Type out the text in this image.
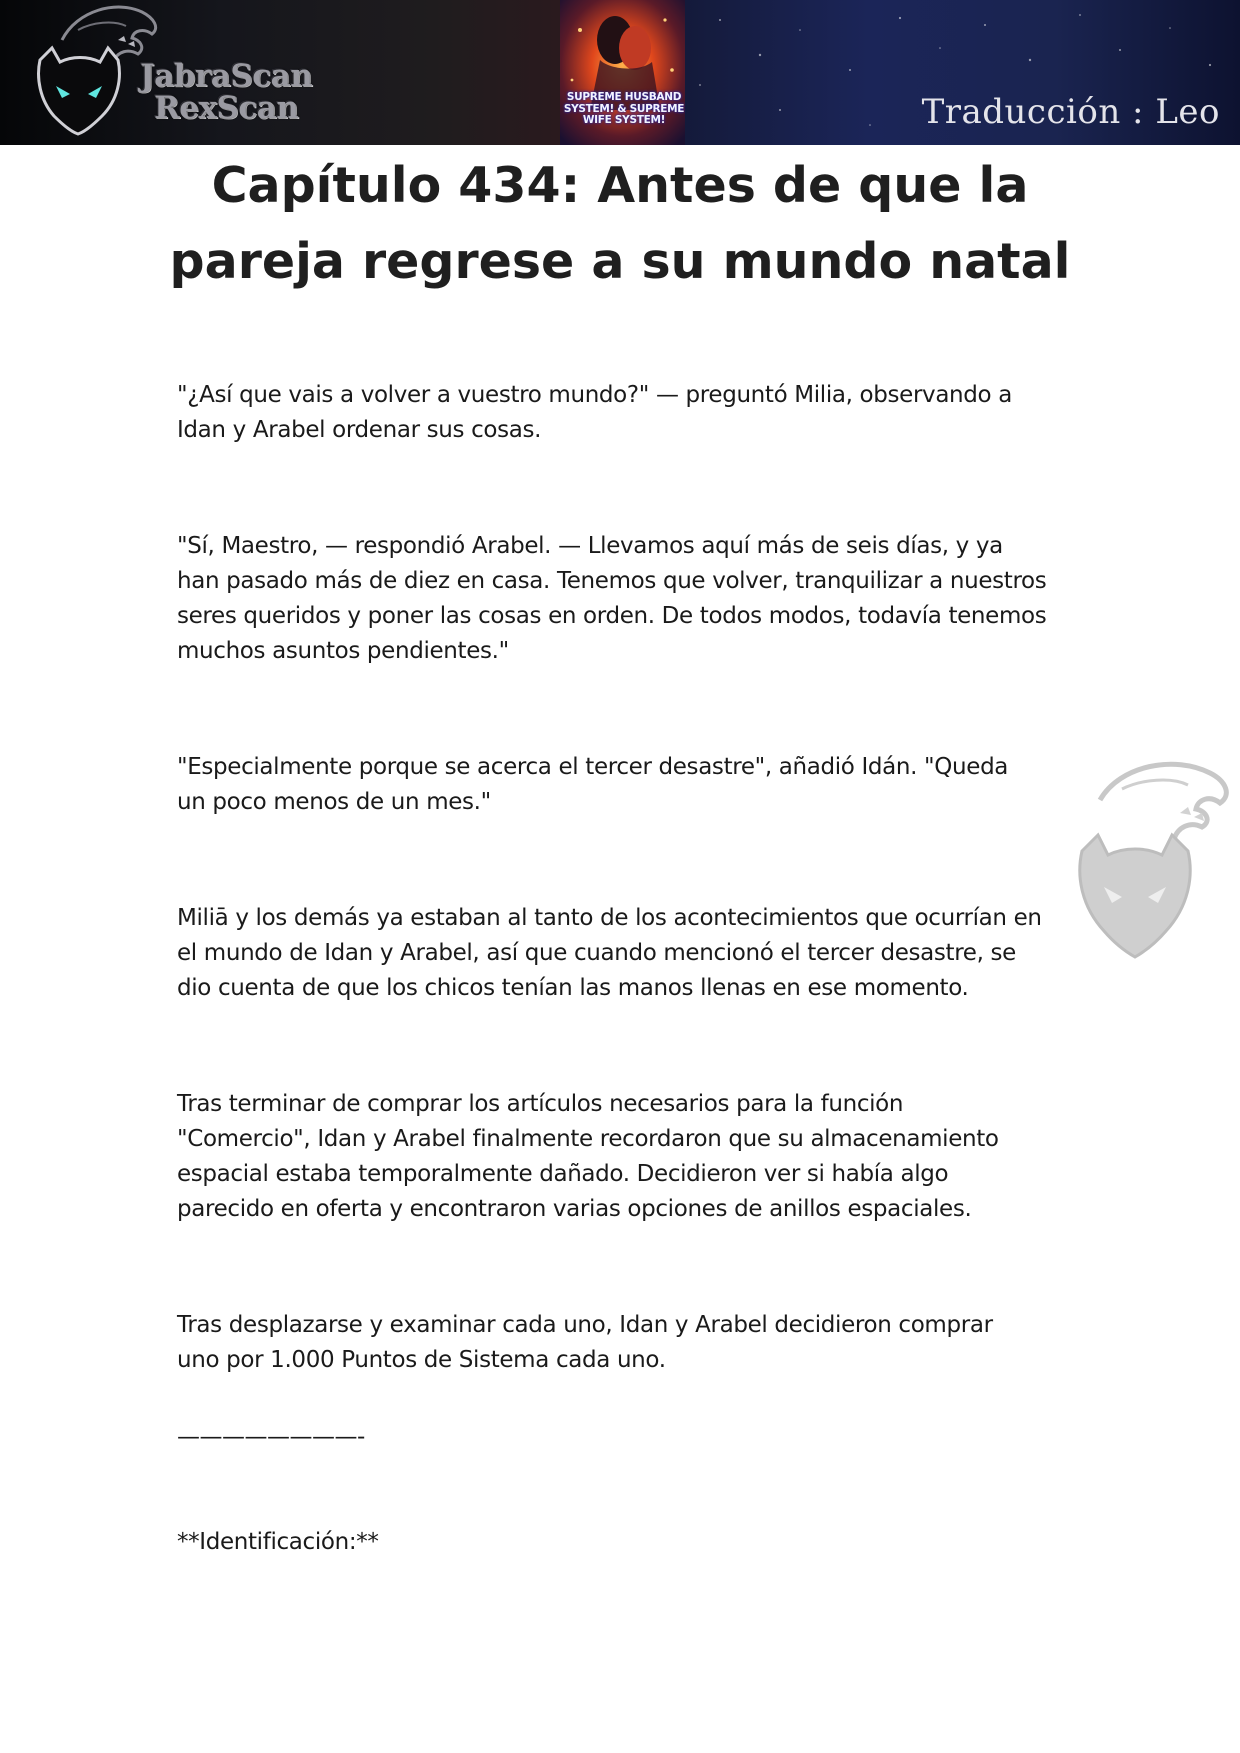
JabraScan
RexScan	SUPREME HUSBAND SYSTEM! & SUPREME WIFE SYSTEM!	Traducción : Leo
Capítulo 434: Antes de que la
pareja regrese a su mundo natal

"¿Así que vais a volver a vuestro mundo?" — preguntó Milia, observando a
Idan y Arabel ordenar sus cosas.

"Sí, Maestro, — respondió Arabel. — Llevamos aquí más de seis días, y ya
han pasado más de diez en casa. Tenemos que volver, tranquilizar a nuestros
seres queridos y poner las cosas en orden. De todos modos, todavía tenemos
muchos asuntos pendientes."

"Especialmente porque se acerca el tercer desastre", añadió Idán. "Queda
un poco menos de un mes."

Miliā y los demás ya estaban al tanto de los acontecimientos que ocurrían en
el mundo de Idan y Arabel, así que cuando mencionó el tercer desastre, se
dio cuenta de que los chicos tenían las manos llenas en ese momento.

Tras terminar de comprar los artículos necesarios para la función
"Comercio", Idan y Arabel finalmente recordaron que su almacenamiento
espacial estaba temporalmente dañado. Decidieron ver si había algo
parecido en oferta y encontraron varias opciones de anillos espaciales.

Tras desplazarse y examinar cada uno, Idan y Arabel decidieron comprar
uno por 1.000 Puntos de Sistema cada uno.

————————-

**Identificación:**
